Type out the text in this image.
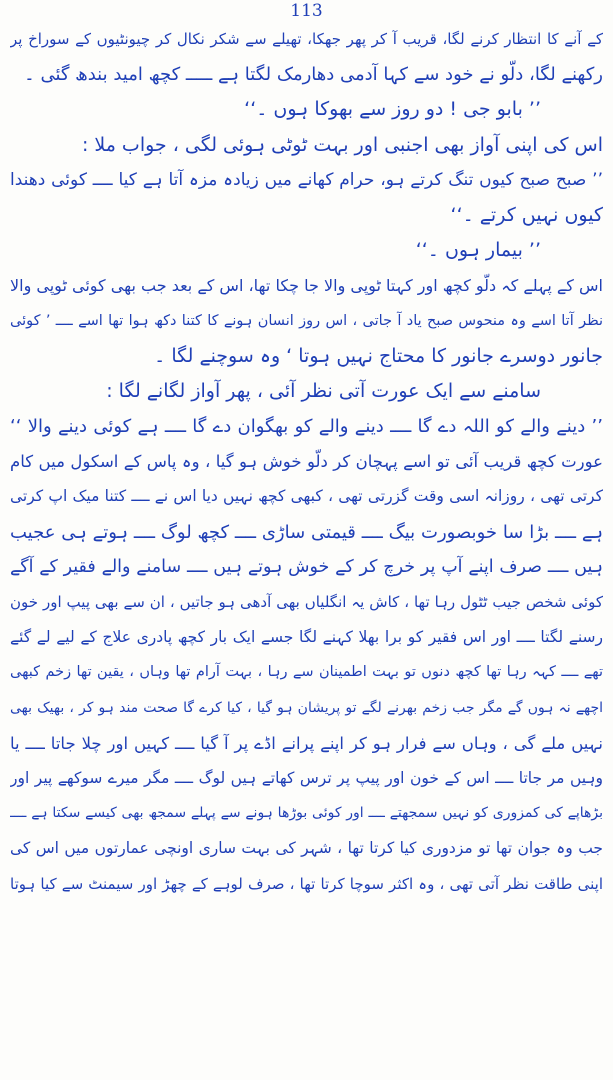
113
کے آنے کا انتظار کرنے لگا، قریب آ کر پھر جھکا، تھیلے سے شکر نکال کر چیونٹیوں کے سوراخ پر
رکھنے لگا، دلّو نے خود سے کہا آدمی دھارمک لگتا ہے ـــــ کچھ امید بندھ گئی ۔
’’ بابو جی ! دو روز سے بھوکا ہوں ۔‘‘
اس کی اپنی آواز بھی اجنبی اور بہت ٹوٹی ہوئی لگی ، جواب ملا :
’’ صبح صبح کیوں تنگ کرتے ہو، حرام کھانے میں زیادہ مزہ آتا ہے کیا ــــ کوئی دھندا
کیوں نہیں کرتے ۔‘‘
’’ بیمار ہوں ۔‘‘
اس کے پہلے کہ دلّو کچھ اور کہتا ٹوپی والا جا چکا تھا، اس کے بعد جب بھی کوئی ٹوپی والا
نظر آتا اسے وہ منحوس صبح یاد آ جاتی ، اس روز انسان ہونے کا کتنا دکھ ہوا تھا اسے ــــ ’ کوئی
جانور دوسرے جانور کا محتاج نہیں ہوتا ‘ وہ سوچنے لگا ۔
سامنے سے ایک عورت آتی نظر آئی ، پھر آواز لگانے لگا :
’’ دینے والے کو اللہ دے گا ــــ دینے والے کو بھگوان دے گا ــــ ہے کوئی دینے والا ‘‘
عورت کچھ قریب آئی تو اسے پہچان کر دلّو خوش ہو گیا ، وہ پاس کے اسکول میں کام
کرتی تھی ، روزانہ اسی وقت گزرتی تھی ، کبھی کچھ نہیں دیا اس نے ــــ کتنا میک اپ کرتی
ہے ــــ بڑا سا خوبصورت بیگ ــــ قیمتی ساڑی ــــ کچھ لوگ ــــ ہوتے ہی عجیب
ہیں ــــ صرف اپنے آپ پر خرچ کر کے خوش ہوتے ہیں ــــ سامنے والے فقیر کے آگے
کوئی شخص جیب ٹٹول رہا تھا ، کاش یہ انگلیاں بھی آدھی ہو جاتیں ، ان سے بھی پیپ اور خون
رسنے لگتا ــــ اور اس فقیر کو برا بھلا کہنے لگا جسے ایک بار کچھ پادری علاج کے لیے لے گئے
تھے ــــ کہہ رہا تھا کچھ دنوں تو بہت اطمینان سے رہا ، بہت آرام تھا وہاں ، یقین تھا زخم کبھی
اچھے نہ ہوں گے مگر جب زخم بھرنے لگے تو پریشان ہو گیا ، کیا کرے گا صحت مند ہو کر ، بھیک بھی
نہیں ملے گی ، وہاں سے فرار ہو کر اپنے پرانے اڈے پر آ گیا ــــ کہیں اور چلا جاتا ــــ یا
وہیں مر جاتا ــــ اس کے خون اور پیپ پر ترس کھاتے ہیں لوگ ــــ مگر میرے سوکھے پیر اور
بڑھاپے کی کمزوری کو نہیں سمجھتے ــــ اور کوئی بوڑھا ہونے سے پہلے سمجھ بھی کیسے سکتا ہے ــــ
جب وہ جوان تھا تو مزدوری کیا کرتا تھا ، شہر کی بہت ساری اونچی عمارتوں میں اس کی
اپنی طاقت نظر آتی تھی ، وہ اکثر سوچا کرتا تھا ، صرف لوہے کے چھڑ اور سیمنٹ سے کیا ہوتا
